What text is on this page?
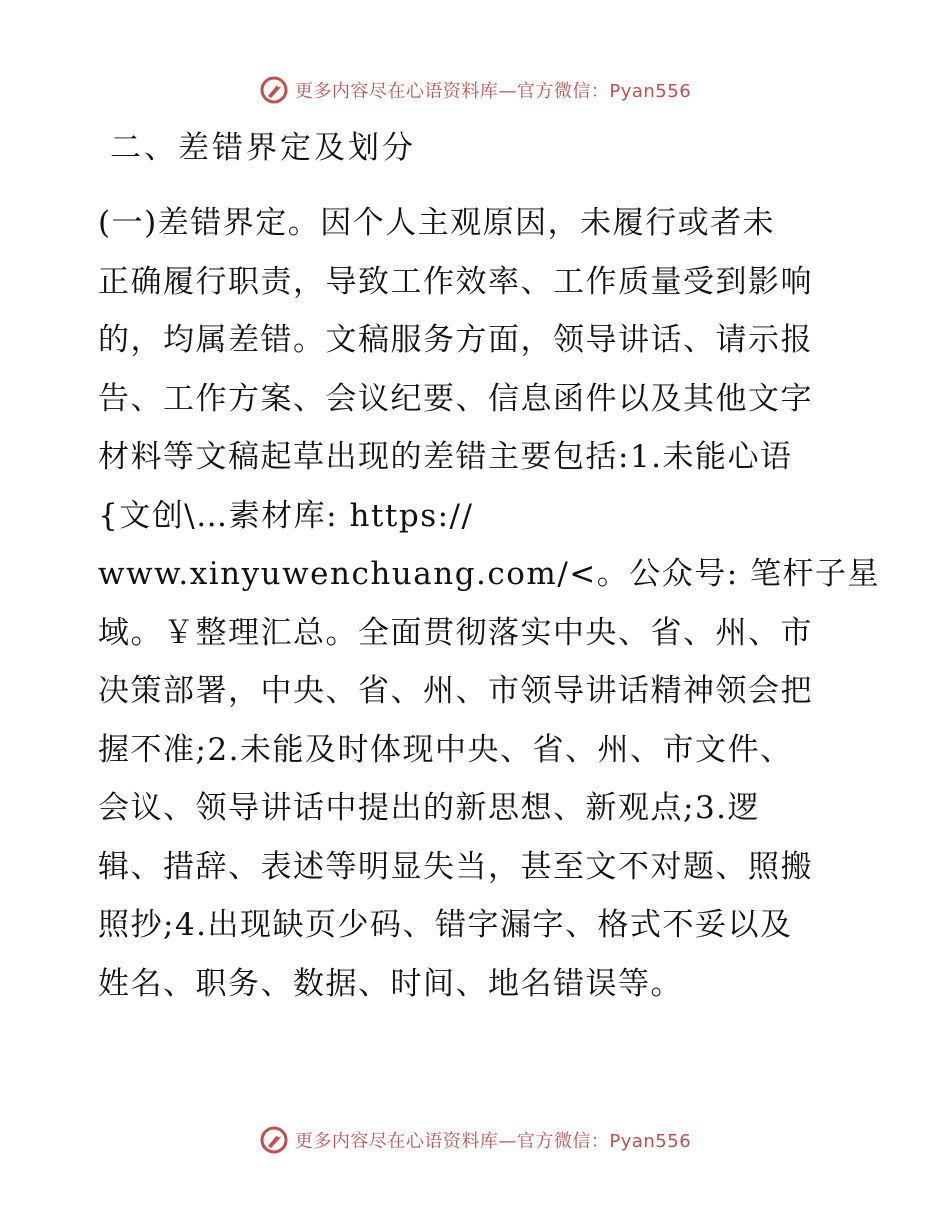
更多内容尽在心语资料库—官方微信：Pyan556
二、差错界定及划分
(一)差错界定。因个人主观原因，未履行或者未
正确履行职责，导致工作效率、工作质量受到影响
的，均属差错。文稿服务方面，领导讲话、请示报
告、工作方案、会议纪要、信息函件以及其他文字
材料等文稿起草出现的差错主要包括:1.未能心语
{文创\…素材库: https://
www.xinyuwenchuang.com/<。公众号: 笔杆子星
域。￥整理汇总。全面贯彻落实中央、省、州、市
决策部署，中央、省、州、市领导讲话精神领会把
握不准;2.未能及时体现中央、省、州、市文件、
会议、领导讲话中提出的新思想、新观点;3.逻
辑、措辞、表述等明显失当，甚至文不对题、照搬
照抄;4.出现缺页少码、错字漏字、格式不妥以及
姓名、职务、数据、时间、地名错误等。
更多内容尽在心语资料库—官方微信：Pyan556
